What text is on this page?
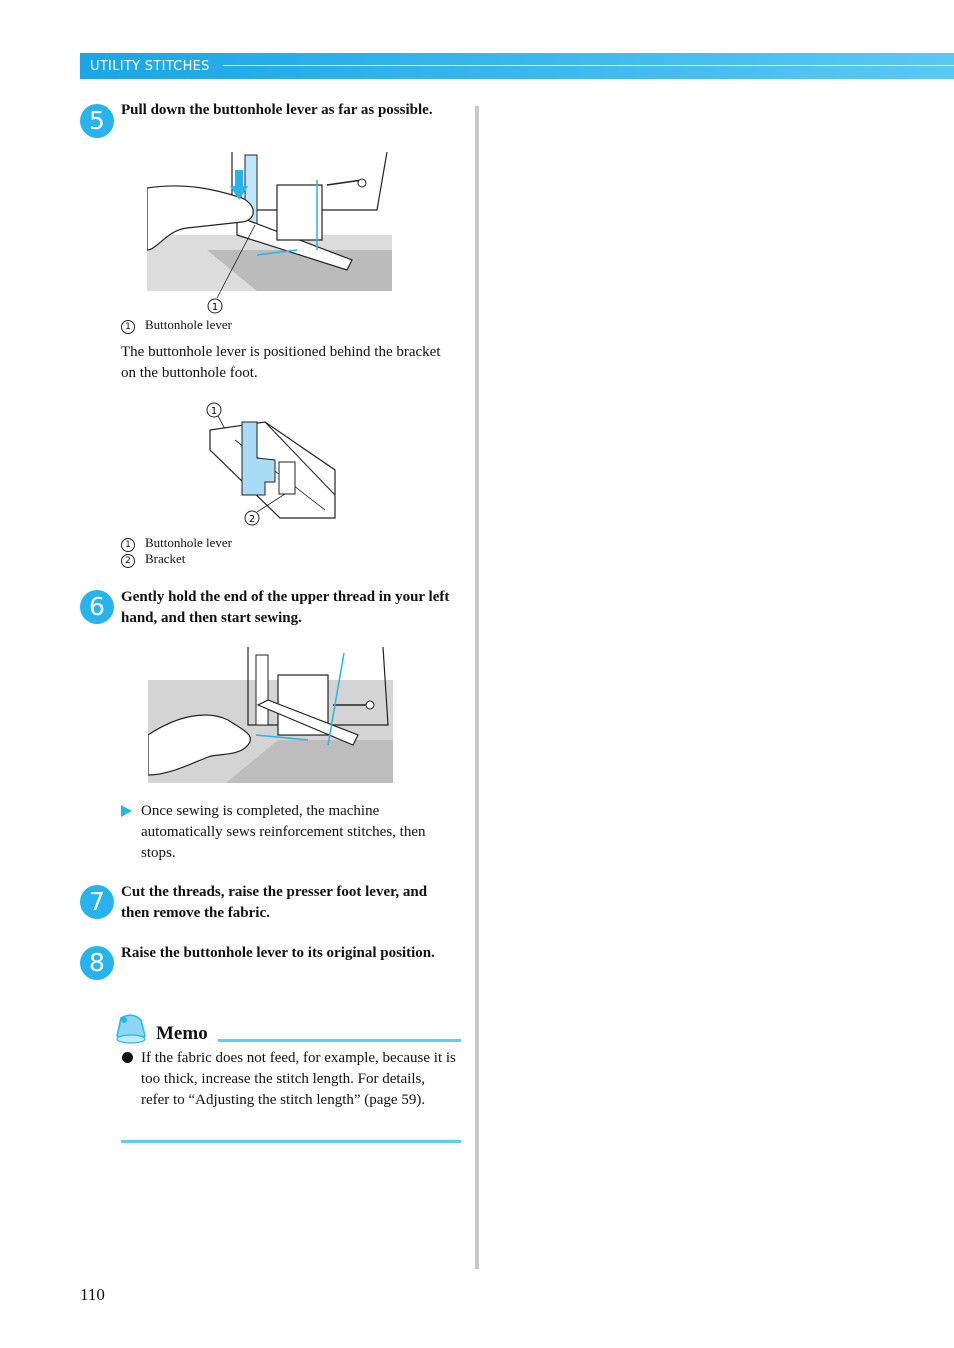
UTILITY STITCHES
5	Pull down the buttonhole lever as far as possible.
1
1 Buttonhole lever
The buttonhole lever is positioned behind the bracket on the buttonhole foot.
1
2
1 Buttonhole lever
2 Bracket
6	Gently hold the end of the upper thread in your left hand, and then start sewing.
Once sewing is completed, the machine automatically sews reinforcement stitches, then stops.
7	Cut the threads, raise the presser foot lever, and then remove the fabric.
8	Raise the buttonhole lever to its original position.
Memo
If the fabric does not feed, for example, because it is too thick, increase the stitch length. For details, refer to “Adjusting the stitch length” (page 59).
110
